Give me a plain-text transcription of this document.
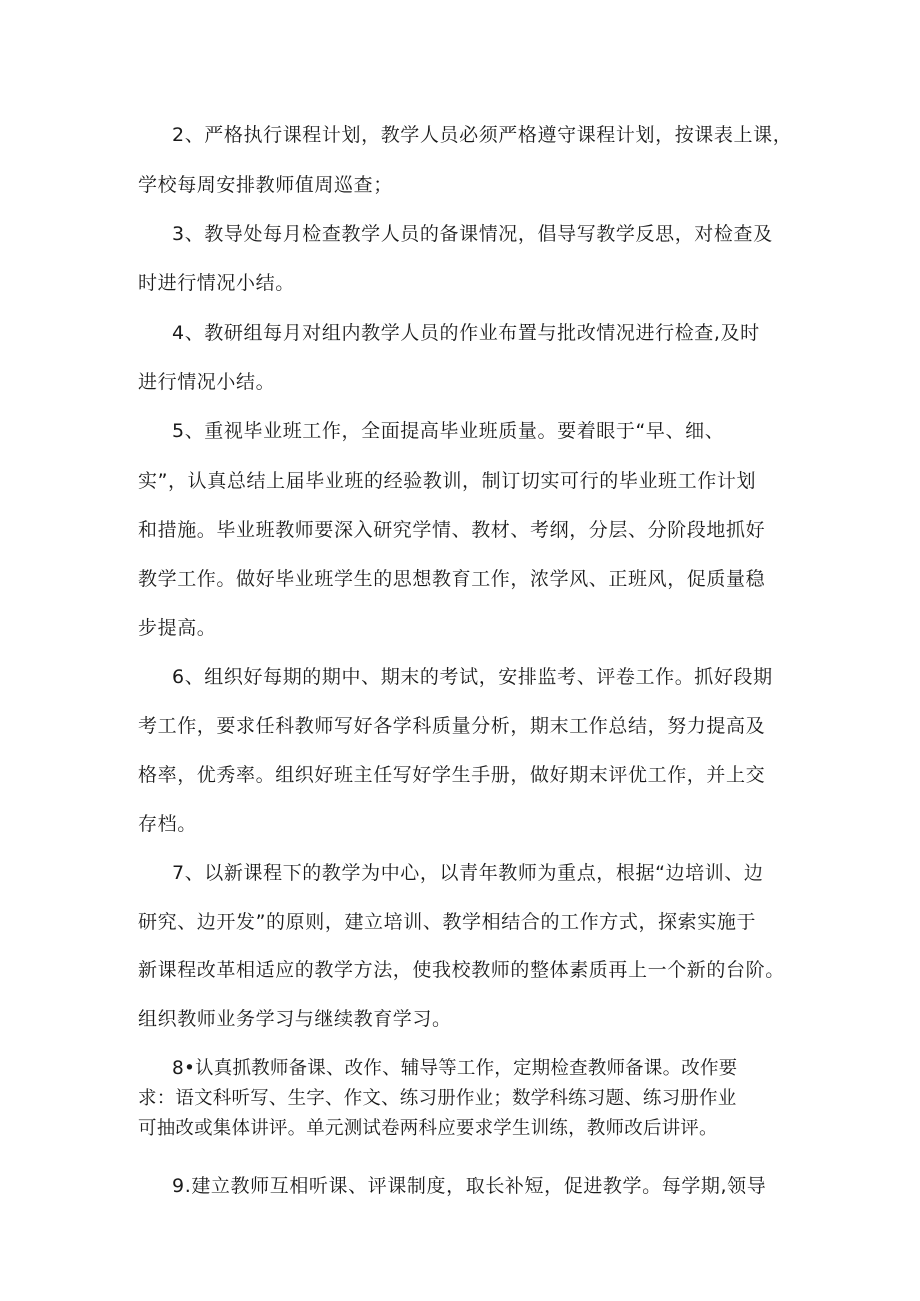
2、严格执行课程计划，教学人员必须严格遵守课程计划，按课表上课，

学校每周安排教师值周巡查；

3、教导处每月检查教学人员的备课情况，倡导写教学反思，对检查及

时进行情况小结。

4、教研组每月对组内教学人员的作业布置与批改情况进行检查,及时

进行情况小结。

5、重视毕业班工作，全面提高毕业班质量。要着眼于“早、细、

实”，认真总结上届毕业班的经验教训，制订切实可行的毕业班工作计划

和措施。毕业班教师要深入研究学情、教材、考纲，分层、分阶段地抓好

教学工作。做好毕业班学生的思想教育工作，浓学风、正班风，促质量稳

步提高。

6、组织好每期的期中、期末的考试，安排监考、评卷工作。抓好段期

考工作，要求任科教师写好各学科质量分析，期末工作总结，努力提高及

格率，优秀率。组织好班主任写好学生手册，做好期末评优工作，并上交

存档。

7、以新课程下的教学为中心，以青年教师为重点，根据“边培训、边

研究、边开发”的原则，建立培训、教学相结合的工作方式，探索实施于

新课程改革相适应的教学方法，使我校教师的整体素质再上一个新的台阶。

组织教师业务学习与继续教育学习。

8•认真抓教师备课、改作、辅导等工作，定期检查教师备课。改作要

求：语文科听写、生字、作文、练习册作业；数学科练习题、练习册作业

可抽改或集体讲评。单元测试卷两科应要求学生训练，教师改后讲评。

9.建立教师互相听课、评课制度，取长补短，促进教学。每学期,领导
